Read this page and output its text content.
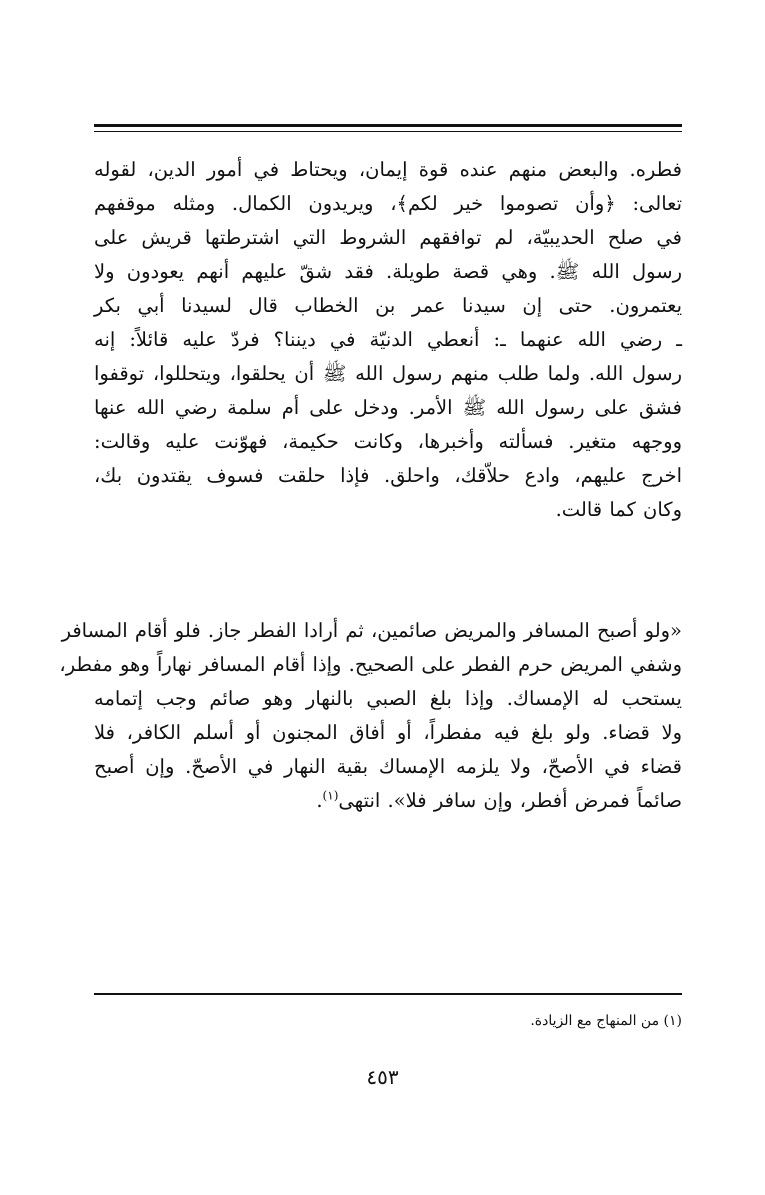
فطره. والبعض منهم عنده قوة إيمان، ويحتاط في أمور الدين، لقوله
تعالى: ﴿وأن تصوموا خير لكم﴾، ويريدون الكمال. ومثله موقفهم
في صلح الحديبيّة، لم توافقهم الشروط التي اشترطتها قريش على
رسول الله ﷺ. وهي قصة طويلة. فقد شقّ عليهم أنهم يعودون ولا
يعتمرون. حتى إن سيدنا عمر بن الخطاب قال لسيدنا أبي بكر
ـ رضي الله عنهما ـ: أنعطي الدنيّة في ديننا؟ فردّ عليه قائلاً: إنه
رسول الله. ولما طلب منهم رسول الله ﷺ أن يحلقوا، ويتحللوا، توقفوا
فشق على رسول الله ﷺ الأمر. ودخل على أم سلمة رضي الله عنها
ووجهه متغير. فسألته وأخبرها، وكانت حكيمة، فهوّنت عليه وقالت:
اخرج عليهم، وادع حلاّقك، واحلق. فإذا حلقت فسوف يقتدون بك،
وكان كما قالت.
«ولو أصبح المسافر والمريض صائمين، ثم أرادا الفطر جاز. فلو أقام المسافر
وشفي المريض حرم الفطر على الصحيح. وإذا أقام المسافر نهاراً وهو مفطر،
يستحب له الإمساك. وإذا بلغ الصبي بالنهار وهو صائم وجب إتمامه
ولا قضاء. ولو بلغ فيه مفطراً، أو أفاق المجنون أو أسلم الكافر، فلا
قضاء في الأصحّ، ولا يلزمه الإمساك بقية النهار في الأصحّ. وإن أصبح
صائماً فمرض أفطر، وإن سافر فلا». انتهى$^{(١)}$.
(١) من المنهاج مع الزيادة.
٤٥٣
